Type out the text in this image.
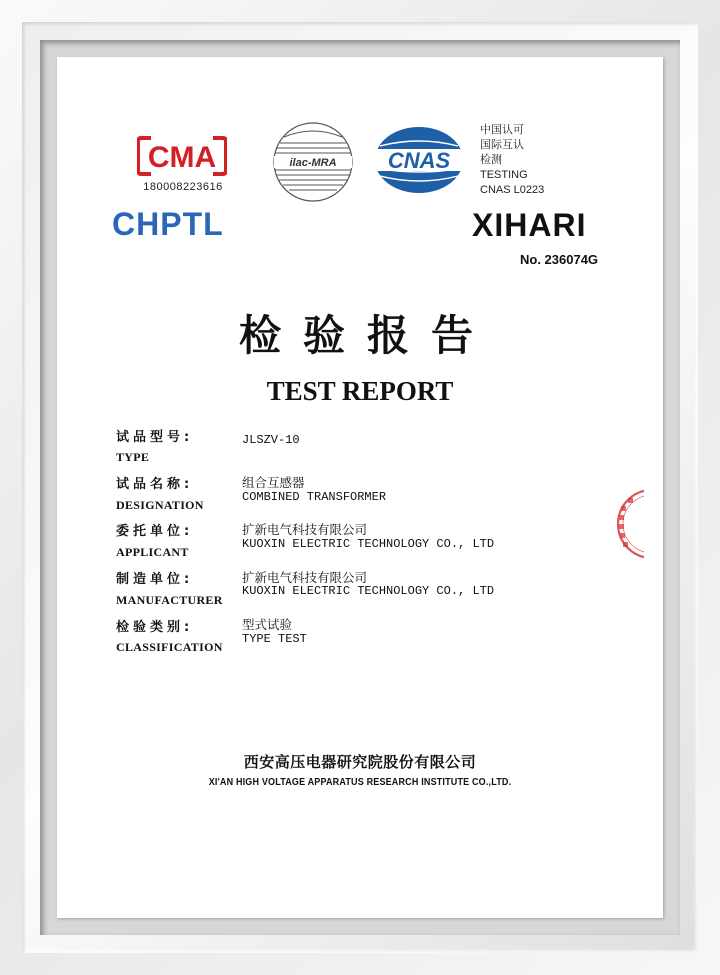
CMA
180008223616
ilac-MRA CNAS
中国认可
国际互认
检测
TESTING
CNAS L0223
CHPTL	XIHARI
No. 236074G
检验报告
TEST REPORT
试品型号:
TYPE
JLSZV-10
试品名称:
DESIGNATION
组合互感器
COMBINED TRANSFORMER
委托单位:
APPLICANT
扩新电气科技有限公司
KUOXIN ELECTRIC TECHNOLOGY CO., LTD
制造单位:
MANUFACTURER
扩新电气科技有限公司
KUOXIN ELECTRIC TECHNOLOGY CO., LTD
检验类别:
CLASSIFICATION
型式试验
TYPE TEST
西安高压电器研究院股份有限公司
XI'AN HIGH VOLTAGE APPARATUS RESEARCH INSTITUTE CO.,LTD.
